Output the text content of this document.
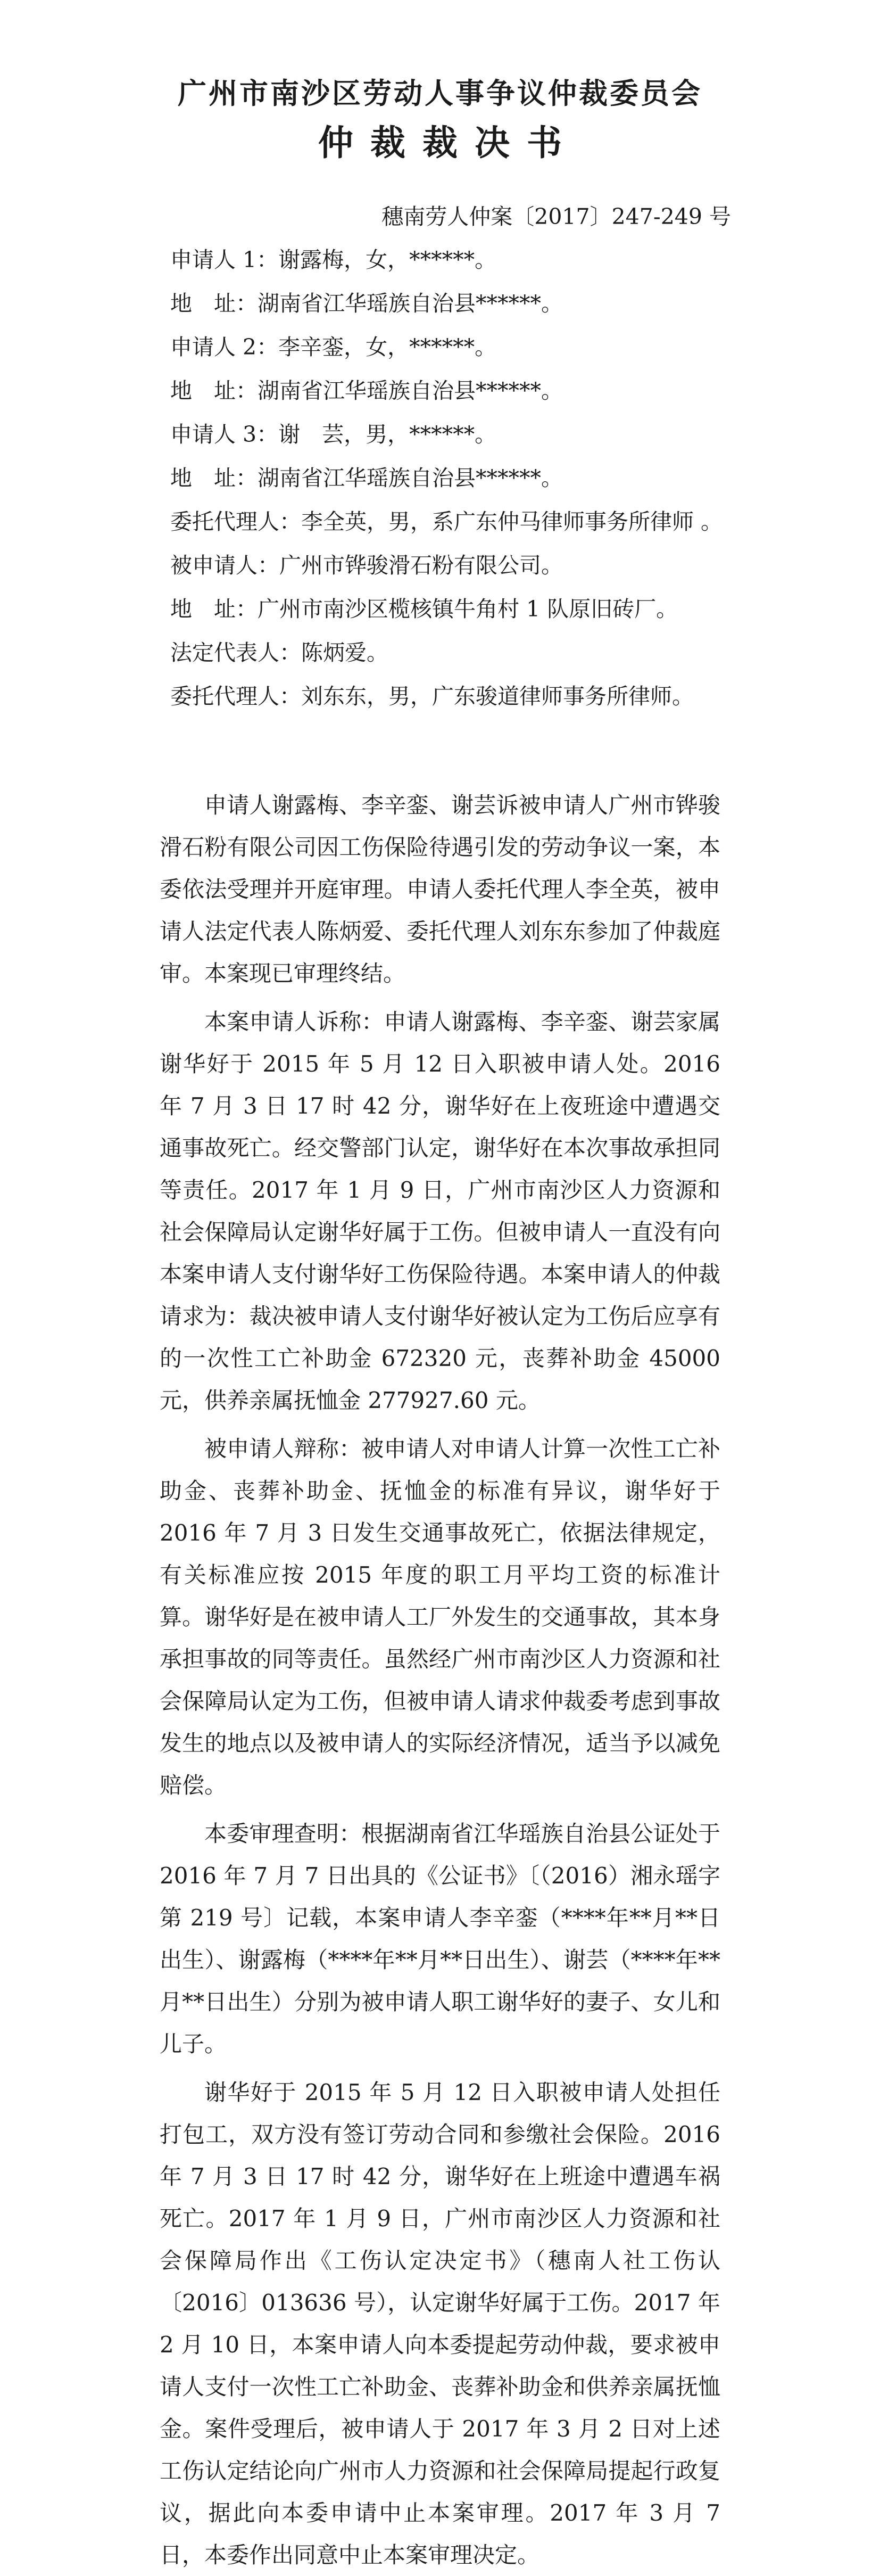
广州市南沙区劳动人事争议仲裁委员会
仲裁裁决书
穗南劳人仲案〔2017〕247-249 号
申请人 1：谢露梅，女，******。
地　址：湖南省江华瑶族自治县******。
申请人 2：李辛銮，女，******。
地　址：湖南省江华瑶族自治县******。
申请人 3：谢　芸，男，******。
地　址：湖南省江华瑶族自治县******。
委托代理人：李全英，男，系广东仲马律师事务所律师 。
被申请人：广州市铧骏滑石粉有限公司。
地　址：广州市南沙区榄核镇牛角村 1 队原旧砖厂。
法定代表人：陈炳爱。
委托代理人：刘东东，男，广东骏道律师事务所律师。

申请人谢露梅、李辛銮、谢芸诉被申请人广州市铧骏滑石粉有限公司因工伤保险待遇引发的劳动争议一案，本委依法受理并开庭审理。申请人委托代理人李全英，被申请人法定代表人陈炳爱、委托代理人刘东东参加了仲裁庭审。本案现已审理终结。

本案申请人诉称：申请人谢露梅、李辛銮、谢芸家属谢华好于 2015 年 5 月 12 日入职被申请人处。2016 年 7 月 3 日 17 时 42 分，谢华好在上夜班途中遭遇交通事故死亡。经交警部门认定，谢华好在本次事故承担同等责任。2017 年 1 月 9 日，广州市南沙区人力资源和社会保障局认定谢华好属于工伤。但被申请人一直没有向本案申请人支付谢华好工伤保险待遇。本案申请人的仲裁请求为：裁决被申请人支付谢华好被认定为工伤后应享有的一次性工亡补助金 672320 元，丧葬补助金 45000 元，供养亲属抚恤金 277927.60 元。

被申请人辩称：被申请人对申请人计算一次性工亡补助金、丧葬补助金、抚恤金的标准有异议，谢华好于 2016 年 7 月 3 日发生交通事故死亡，依据法律规定，有关标准应按 2015 年度的职工月平均工资的标准计算。谢华好是在被申请人工厂外发生的交通事故，其本身承担事故的同等责任。虽然经广州市南沙区人力资源和社会保障局认定为工伤，但被申请人请求仲裁委考虑到事故发生的地点以及被申请人的实际经济情况，适当予以减免赔偿。

本委审理查明：根据湖南省江华瑶族自治县公证处于 2016 年 7 月 7 日出具的《公证书》〔（2016）湘永瑶字第 219 号〕记载，本案申请人李辛銮（****年**月**日出生）、谢露梅（****年**月**日出生）、谢芸（****年**月**日出生）分别为被申请人职工谢华好的妻子、女儿和儿子。

谢华好于 2015 年 5 月 12 日入职被申请人处担任打包工，双方没有签订劳动合同和参缴社会保险。2016 年 7 月 3 日 17 时 42 分，谢华好在上班途中遭遇车祸死亡。2017 年 1 月 9 日，广州市南沙区人力资源和社会保障局作出《工伤认定决定书》（穗南人社工伤认〔2016〕013636 号），认定谢华好属于工伤。2017 年 2 月 10 日，本案申请人向本委提起劳动仲裁，要求被申请人支付一次性工亡补助金、丧葬补助金和供养亲属抚恤金。案件受理后，被申请人于 2017 年 3 月 2 日对上述工伤认定结论向广州市人力资源和社会保障局提起行政复议，据此向本委申请中止本案审理。2017 年 3 月 7 日，本委作出同意中止本案审理决定。
